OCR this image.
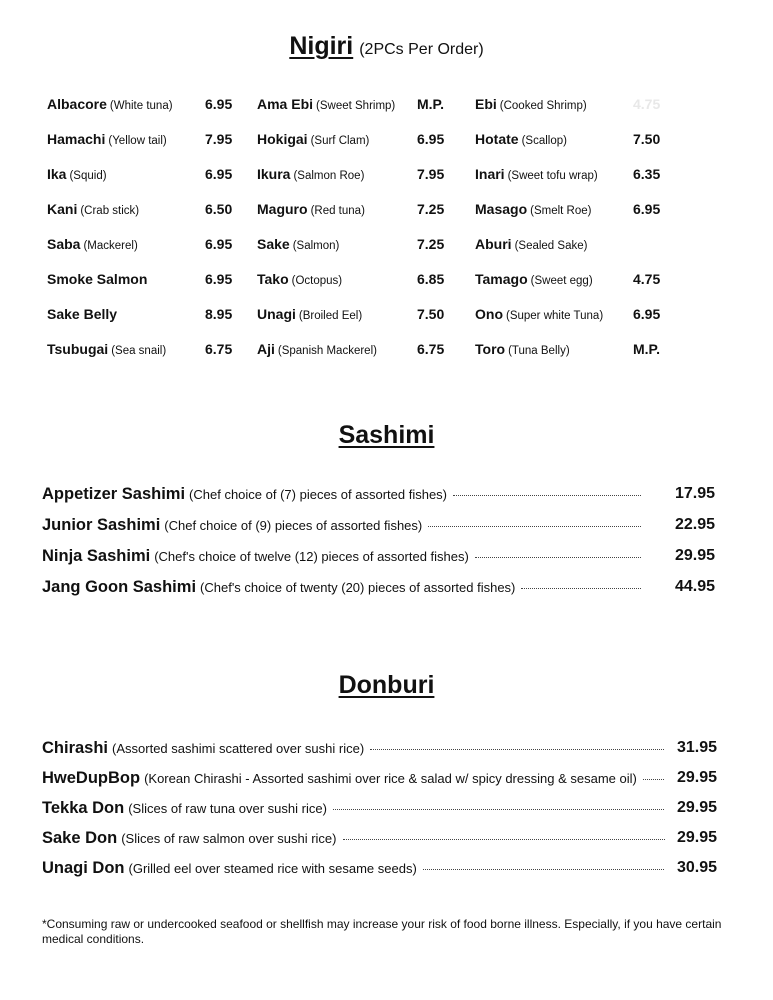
Nigiri (2PCs Per Order)
Albacore (White tuna) 6.95 Ama Ebi (Sweet Shrimp) M.P. Ebi (Cooked Shrimp)	4.75
Hamachi (Yellow tail)	7.95 Hokigai (Surf Clam)	6.95 Hotate (Scallop)	7.50
Ika (Squid)	6.95 Ikura (Salmon Roe)	7.95 Inari (Sweet tofu wrap)	6.35
Kani (Crab stick)	6.50 Maguro (Red tuna)	7.25 Masago (Smelt Roe)	6.95
Saba (Mackerel)	6.95 Sake (Salmon)	7.25 Aburi (Sealed Sake)
Smoke Salmon	6.95 Tako (Octopus)	6.85 Tamago (Sweet egg)	4.75
Sake Belly	8.95 Unagi (Broiled Eel)	7.50 Ono (Super white Tuna) 6.95
Tsubugai (Sea snail)	6.75 Aji (Spanish Mackerel)	6.75 Toro (Tuna Belly)	M.P.
Sashimi
Appetizer Sashimi (Chef choice of (7) pieces of assorted fishes)	17.95
Junior Sashimi (Chef choice of (9) pieces of assorted fishes)	22.95
Ninja Sashimi (Chef's choice of twelve (12) pieces of assorted fishes)	29.95
Jang Goon Sashimi (Chef's choice of twenty (20) pieces of assorted fishes)	44.95
Donburi
Chirashi (Assorted sashimi scattered over sushi rice)	31.95
HweDupBop (Korean Chirashi - Assorted sashimi over rice & salad w/ spicy dressing & sesame oil)	29.95
Tekka Don (Slices of raw tuna over sushi rice)	29.95
Sake Don (Slices of raw salmon over sushi rice)	29.95
Unagi Don (Grilled eel over steamed rice with sesame seeds)	30.95
*Consuming raw or undercooked seafood or shellfish may increase your risk of food borne illness. Especially, if you have certain medical conditions.
